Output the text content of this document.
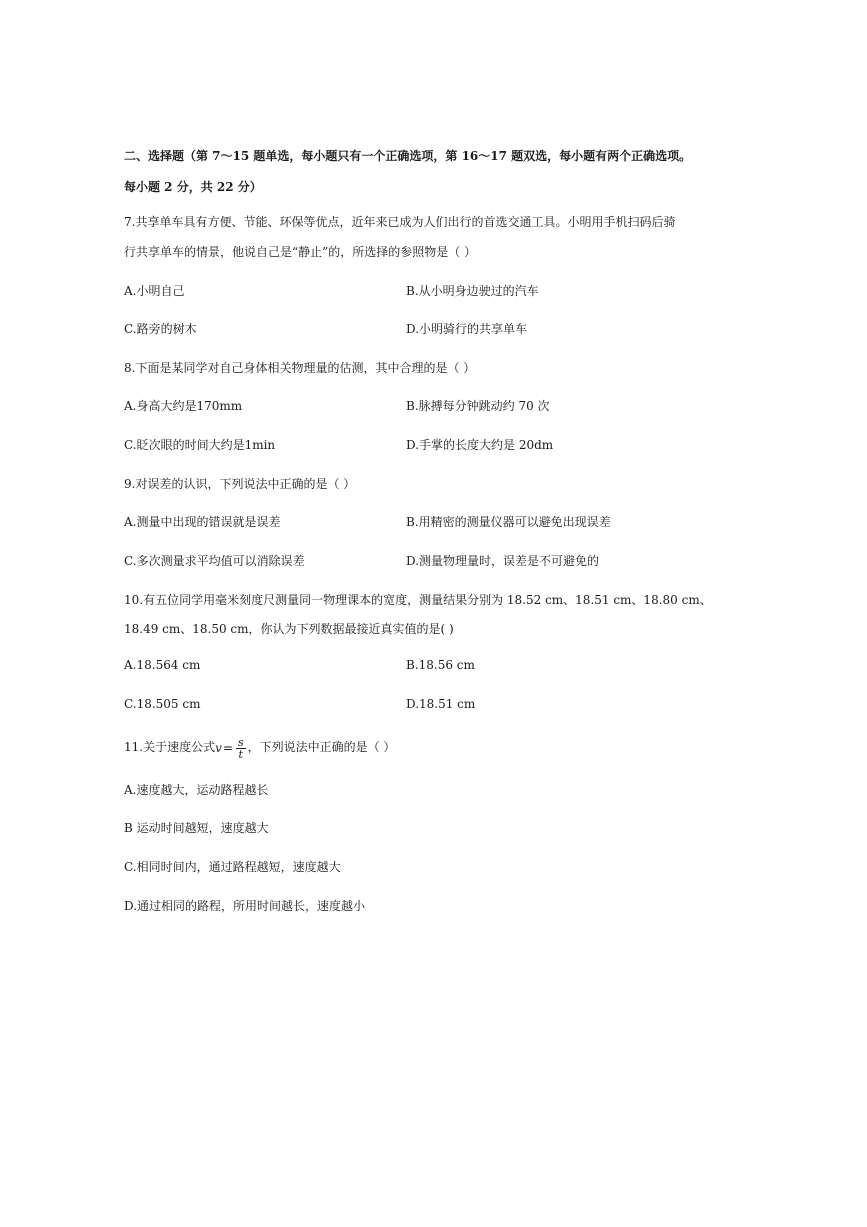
二、选择题（第 7～15 题单选，每小题只有一个正确选项，第 16～17 题双选，每小题有两个正确选项。
每小题 2 分，共 22 分）
7.共享单车具有方便、节能、环保等优点，近年来已成为人们出行的首选交通工具。小明用手机扫码后骑
行共享单车的情景，他说自己是“静止”的，所选择的参照物是（ ）
A.小明自己	B.从小明身边驶过的汽车
C.路旁的树木	D.小明骑行的共享单车
8.下面是某同学对自己身体相关物理量的估测，其中合理的是（ ）
A.身高大约是170mm	B.脉搏每分钟跳动约 70 次
C.眨次眼的时间大约是1min	D.手掌的长度大约是 20dm
9.对误差的认识，下列说法中正确的是（ ）
A.测量中出现的错误就是误差	B.用精密的测量仪器可以避免出现误差
C.多次测量求平均值可以消除误差	D.测量物理量时，误差是不可避免的
10.有五位同学用毫米刻度尺测量同一物理课本的宽度，测量结果分别为 18.52 cm、18.51 cm、18.80 cm、
18.49 cm、18.50 cm，你认为下列数据最接近真实值的是( )
A.18.564 cm	B.18.56 cm
C.18.505 cm	D.18.51 cm
11.关于速度公式$v= \frac{s}{t}$ ，下列说法中正确的是（ ）
A.速度越大，运动路程越长
B 运动时间越短，速度越大
C.相同时间内，通过路程越短，速度越大
D.通过相同的路程，所用时间越长，速度越小
